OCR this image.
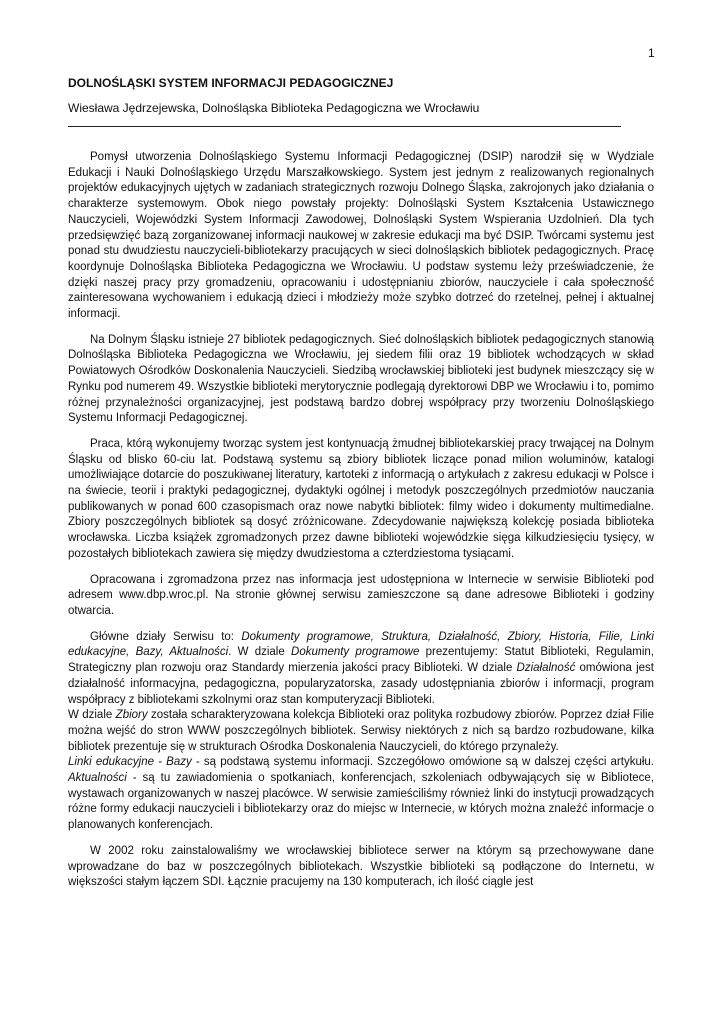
1
DOLNOŚLĄSKI SYSTEM INFORMACJI PEDAGOGICZNEJ
Wiesława Jędrzejewska, Dolnośląska Biblioteka Pedagogiczna we Wrocławiu

Pomysł utworzenia Dolnośląskiego Systemu Informacji Pedagogicznej (DSIP) narodził się w Wydziale Edukacji i Nauki Dolnośląskiego Urzędu Marszałkowskiego. System jest jednym z realizowanych regionalnych projektów edukacyjnych ujętych w zadaniach strategicznych rozwoju Dolnego Śląska, zakrojonych jako działania o charakterze systemowym. Obok niego powstały projekty: Dolnośląski System Kształcenia Ustawicznego Nauczycieli, Wojewódzki System Informacji Zawodowej, Dolnośląski System Wspierania Uzdolnień. Dla tych przedsięwzięć bazą zorganizowanej informacji naukowej w zakresie edukacji ma być DSIP. Twórcami systemu jest ponad stu dwudziestu nauczycieli-bibliotekarzy pracujących w sieci dolnośląskich bibliotek pedagogicznych. Pracę koordynuje Dolnośląska Biblioteka Pedagogiczna we Wrocławiu. U podstaw systemu leży przeświadczenie, że dzięki naszej pracy przy gromadzeniu, opracowaniu i udostępnianiu zbiorów, nauczyciele i cała społeczność zainteresowana wychowaniem i edukacją dzieci i młodzieży może szybko dotrzeć do rzetelnej, pełnej i aktualnej informacji.

Na Dolnym Śląsku istnieje 27 bibliotek pedagogicznych. Sieć dolnośląskich bibliotek pedagogicznych stanowią Dolnośląska Biblioteka Pedagogiczna we Wrocławiu, jej siedem filii oraz 19 bibliotek wchodzących w skład Powiatowych Ośrodków Doskonalenia Nauczycieli. Siedzibą wrocławskiej biblioteki jest budynek mieszczący się w Rynku pod numerem 49. Wszystkie biblioteki merytorycznie podlegają dyrektorowi DBP we Wrocławiu i to, pomimo różnej przynależności organizacyjnej, jest podstawą bardzo dobrej współpracy przy tworzeniu Dolnośląskiego Systemu Informacji Pedagogicznej.

Praca, którą wykonujemy tworząc system jest kontynuacją żmudnej bibliotekarskiej pracy trwającej na Dolnym Śląsku od blisko 60-ciu lat. Podstawą systemu są zbiory bibliotek liczące ponad milion woluminów, katalogi umożliwiające dotarcie do poszukiwanej literatury, kartoteki z informacją o artykułach z zakresu edukacji w Polsce i na świecie, teorii i praktyki pedagogicznej, dydaktyki ogólnej i metodyk poszczególnych przedmiotów nauczania publikowanych w ponad 600 czasopismach oraz nowe nabytki bibliotek: filmy wideo i dokumenty multimedialne. Zbiory poszczególnych bibliotek są dosyć zróżnicowane. Zdecydowanie największą kolekcję posiada biblioteka wrocławska. Liczba książek zgromadzonych przez dawne biblioteki wojewódzkie sięga kilkudziesięciu tysięcy, w pozostałych bibliotekach zawiera się między dwudziestoma a czterdziestoma tysiącami.

Opracowana i zgromadzona przez nas informacja jest udostępniona w Internecie w serwisie Biblioteki pod adresem www.dbp.wroc.pl. Na stronie głównej serwisu zamieszczone są dane adresowe Biblioteki i godziny otwarcia.

Główne działy Serwisu to: Dokumenty programowe, Struktura, Działalność, Zbiory, Historia, Filie, Linki edukacyjne, Bazy, Aktualności. W dziale Dokumenty programowe prezentujemy: Statut Biblioteki, Regulamin, Strategiczny plan rozwoju oraz Standardy mierzenia jakości pracy Biblioteki. W dziale Działalność omówiona jest działalność informacyjna, pedagogiczna, popularyzatorska, zasady udostępniania zbiorów i informacji, program współpracy z bibliotekami szkolnymi oraz stan komputeryzacji Biblioteki.

W dziale Zbiory została scharakteryzowana kolekcja Biblioteki oraz polityka rozbudowy zbiorów. Poprzez dział Filie można wejść do stron WWW poszczególnych bibliotek. Serwisy niektórych z nich są bardzo rozbudowane, kilka bibliotek prezentuje się w strukturach Ośrodka Doskonalenia Nauczycieli, do którego przynależy.

Linki edukacyjne - Bazy - są podstawą systemu informacji. Szczegółowo omówione są w dalszej części artykułu. Aktualności - są tu zawiadomienia o spotkaniach, konferencjach, szkoleniach odbywających się w Bibliotece, wystawach organizowanych w naszej placówce. W serwisie zamieściliśmy również linki do instytucji prowadzących różne formy edukacji nauczycieli i bibliotekarzy oraz do miejsc w Internecie, w których można znaleźć informacje o planowanych konferencjach.

W 2002 roku zainstalowaliśmy we wrocławskiej bibliotece serwer na którym są przechowywane dane wprowadzane do baz w poszczególnych bibliotekach. Wszystkie biblioteki są podłączone do Internetu, w większości stałym łączem SDI. Łącznie pracujemy na 130 komputerach, ich ilość ciągle jest
